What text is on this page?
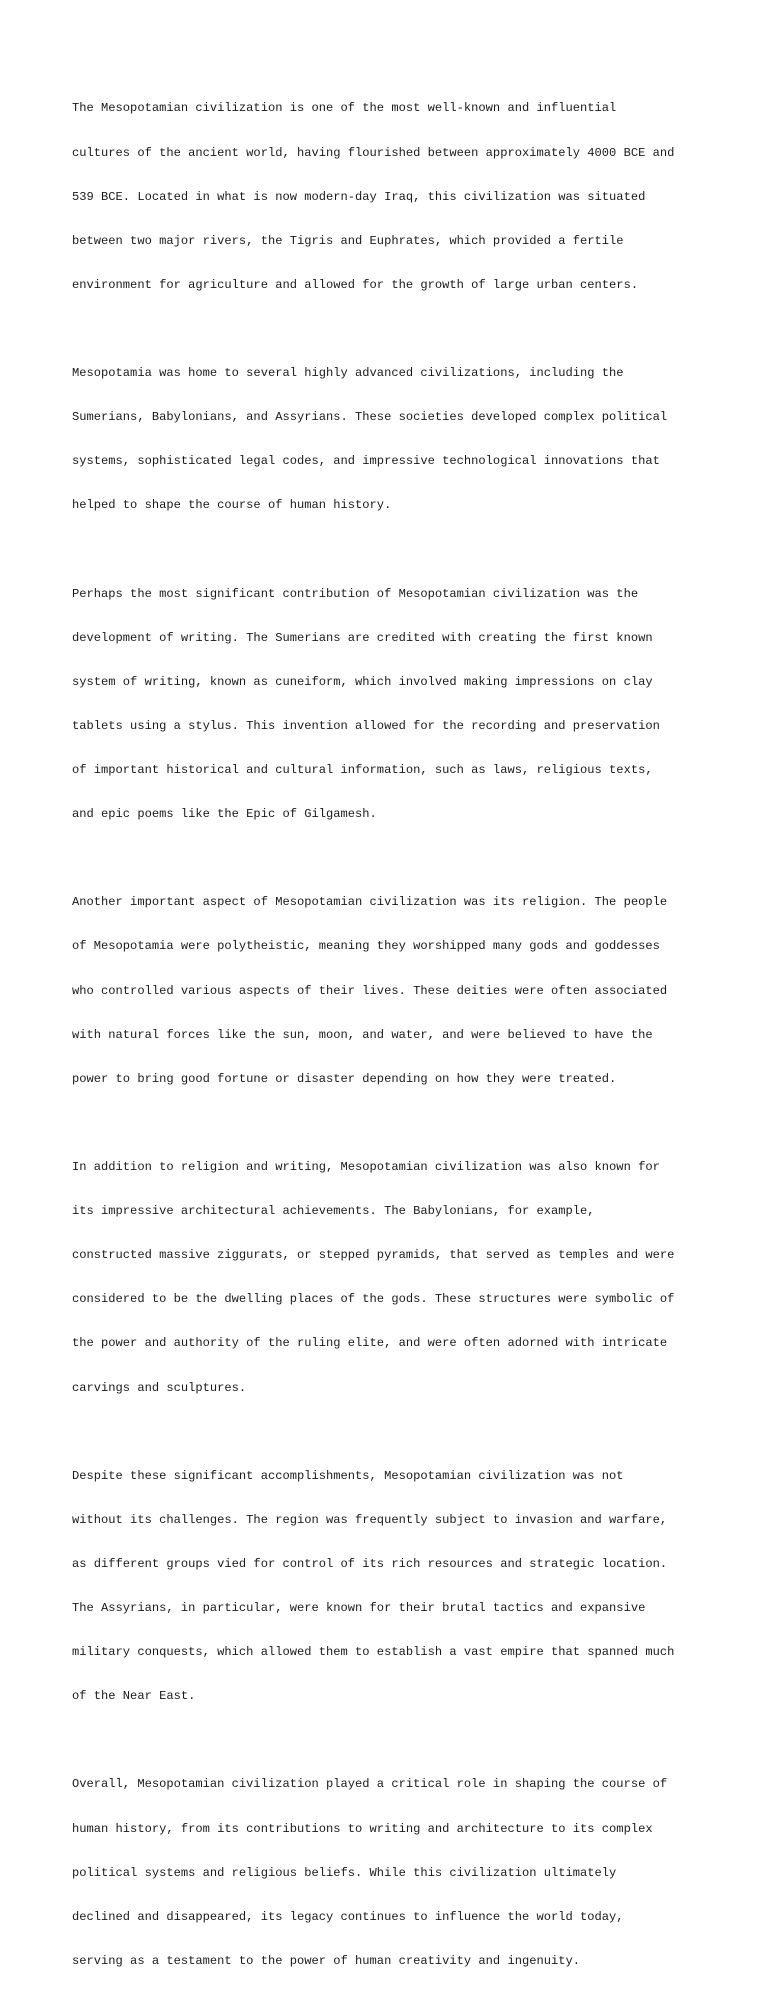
The Mesopotamian civilization is one of the most well-known and influential

cultures of the ancient world, having flourished between approximately 4000 BCE and

539 BCE. Located in what is now modern-day Iraq, this civilization was situated

between two major rivers, the Tigris and Euphrates, which provided a fertile

environment for agriculture and allowed for the growth of large urban centers.

Mesopotamia was home to several highly advanced civilizations, including the

Sumerians, Babylonians, and Assyrians. These societies developed complex political

systems, sophisticated legal codes, and impressive technological innovations that

helped to shape the course of human history.

Perhaps the most significant contribution of Mesopotamian civilization was the

development of writing. The Sumerians are credited with creating the first known

system of writing, known as cuneiform, which involved making impressions on clay

tablets using a stylus. This invention allowed for the recording and preservation

of important historical and cultural information, such as laws, religious texts,

and epic poems like the Epic of Gilgamesh.

Another important aspect of Mesopotamian civilization was its religion. The people

of Mesopotamia were polytheistic, meaning they worshipped many gods and goddesses

who controlled various aspects of their lives. These deities were often associated

with natural forces like the sun, moon, and water, and were believed to have the

power to bring good fortune or disaster depending on how they were treated.

In addition to religion and writing, Mesopotamian civilization was also known for

its impressive architectural achievements. The Babylonians, for example,

constructed massive ziggurats, or stepped pyramids, that served as temples and were

considered to be the dwelling places of the gods. These structures were symbolic of

the power and authority of the ruling elite, and were often adorned with intricate

carvings and sculptures.

Despite these significant accomplishments, Mesopotamian civilization was not

without its challenges. The region was frequently subject to invasion and warfare,

as different groups vied for control of its rich resources and strategic location.

The Assyrians, in particular, were known for their brutal tactics and expansive

military conquests, which allowed them to establish a vast empire that spanned much

of the Near East.

Overall, Mesopotamian civilization played a critical role in shaping the course of

human history, from its contributions to writing and architecture to its complex

political systems and religious beliefs. While this civilization ultimately

declined and disappeared, its legacy continues to influence the world today,

serving as a testament to the power of human creativity and ingenuity.
